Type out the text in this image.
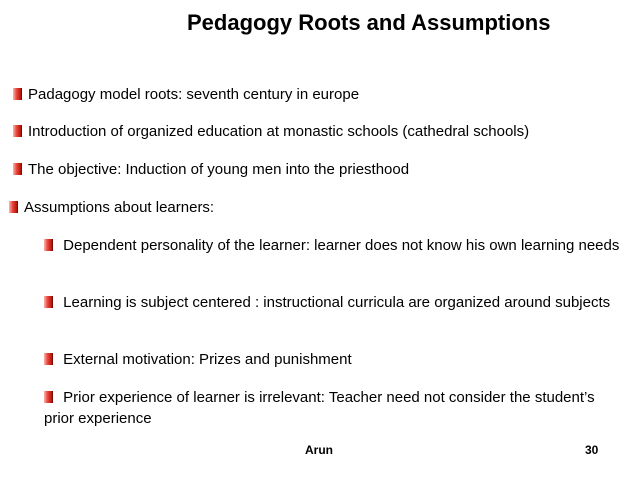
Pedagogy Roots and Assumptions
Padagogy model roots: seventh century in europe
Introduction of organized education at monastic schools (cathedral schools)
The objective: Induction of young men into the priesthood
Assumptions about learners:
Dependent personality of the learner: learner does not know his own learning needs
Learning is subject centered : instructional curricula are organized around subjects
External motivation: Prizes and punishment
Prior experience of learner is irrelevant: Teacher need not consider the student’s prior experience
Arun	30
